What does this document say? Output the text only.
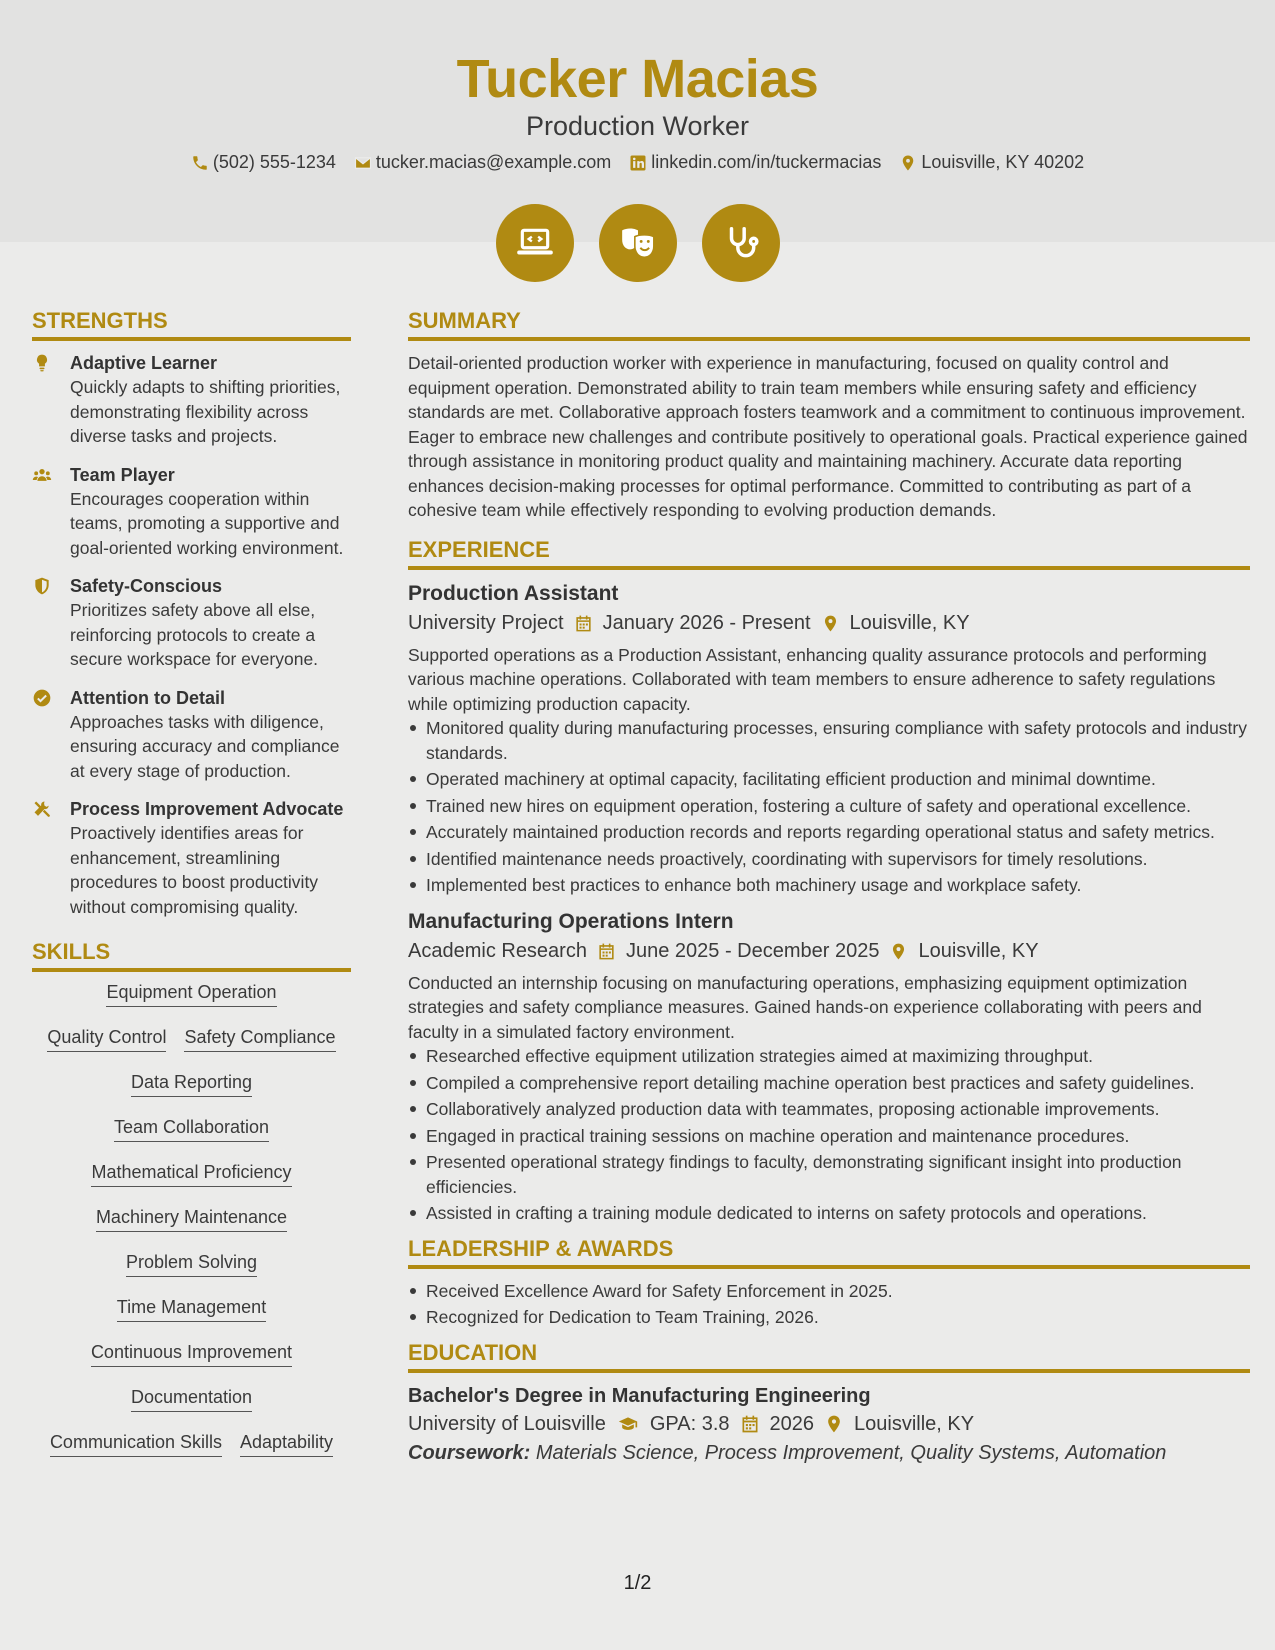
Tucker Macias
Production Worker
(502) 555-1234 tucker.macias@example.com linkedin.com/in/tuckermacias Louisville, KY 40202
STRENGTHS
Adaptive Learner
Quickly adapts to shifting priorities, demonstrating flexibility across diverse tasks and projects.
Team Player
Encourages cooperation within teams, promoting a supportive and goal-oriented working environment.
Safety-Conscious
Prioritizes safety above all else, reinforcing protocols to create a secure workspace for everyone.
Attention to Detail
Approaches tasks with diligence, ensuring accuracy and compliance at every stage of production.
Process Improvement Advocate
Proactively identifies areas for enhancement, streamlining procedures to boost productivity without compromising quality.
SKILLS
Equipment Operation
Quality Control Safety Compliance
Data Reporting
Team Collaboration
Mathematical Proficiency
Machinery Maintenance
Problem Solving
Time Management
Continuous Improvement
Documentation
Communication Skills Adaptability
SUMMARY
Detail-oriented production worker with experience in manufacturing, focused on quality control and equipment operation. Demonstrated ability to train team members while ensuring safety and efficiency standards are met. Collaborative approach fosters teamwork and a commitment to continuous improvement. Eager to embrace new challenges and contribute positively to operational goals. Practical experience gained through assistance in monitoring product quality and maintaining machinery. Accurate data reporting enhances decision-making processes for optimal performance. Committed to contributing as part of a cohesive team while effectively responding to evolving production demands.
EXPERIENCE
Production Assistant
University Project January 2026 - Present Louisville, KY
Supported operations as a Production Assistant, enhancing quality assurance protocols and performing various machine operations. Collaborated with team members to ensure adherence to safety regulations while optimizing production capacity.
Monitored quality during manufacturing processes, ensuring compliance with safety protocols and industry standards.
Operated machinery at optimal capacity, facilitating efficient production and minimal downtime.
Trained new hires on equipment operation, fostering a culture of safety and operational excellence.
Accurately maintained production records and reports regarding operational status and safety metrics.
Identified maintenance needs proactively, coordinating with supervisors for timely resolutions.
Implemented best practices to enhance both machinery usage and workplace safety.
Manufacturing Operations Intern
Academic Research June 2025 - December 2025 Louisville, KY
Conducted an internship focusing on manufacturing operations, emphasizing equipment optimization strategies and safety compliance measures. Gained hands-on experience collaborating with peers and faculty in a simulated factory environment.
Researched effective equipment utilization strategies aimed at maximizing throughput.
Compiled a comprehensive report detailing machine operation best practices and safety guidelines.
Collaboratively analyzed production data with teammates, proposing actionable improvements.
Engaged in practical training sessions on machine operation and maintenance procedures.
Presented operational strategy findings to faculty, demonstrating significant insight into production efficiencies.
Assisted in crafting a training module dedicated to interns on safety protocols and operations.
LEADERSHIP & AWARDS
Received Excellence Award for Safety Enforcement in 2025.
Recognized for Dedication to Team Training, 2026.
EDUCATION
Bachelor's Degree in Manufacturing Engineering
University of Louisville GPA: 3.8 2026 Louisville, KY
Coursework: Materials Science, Process Improvement, Quality Systems, Automation
1/2
